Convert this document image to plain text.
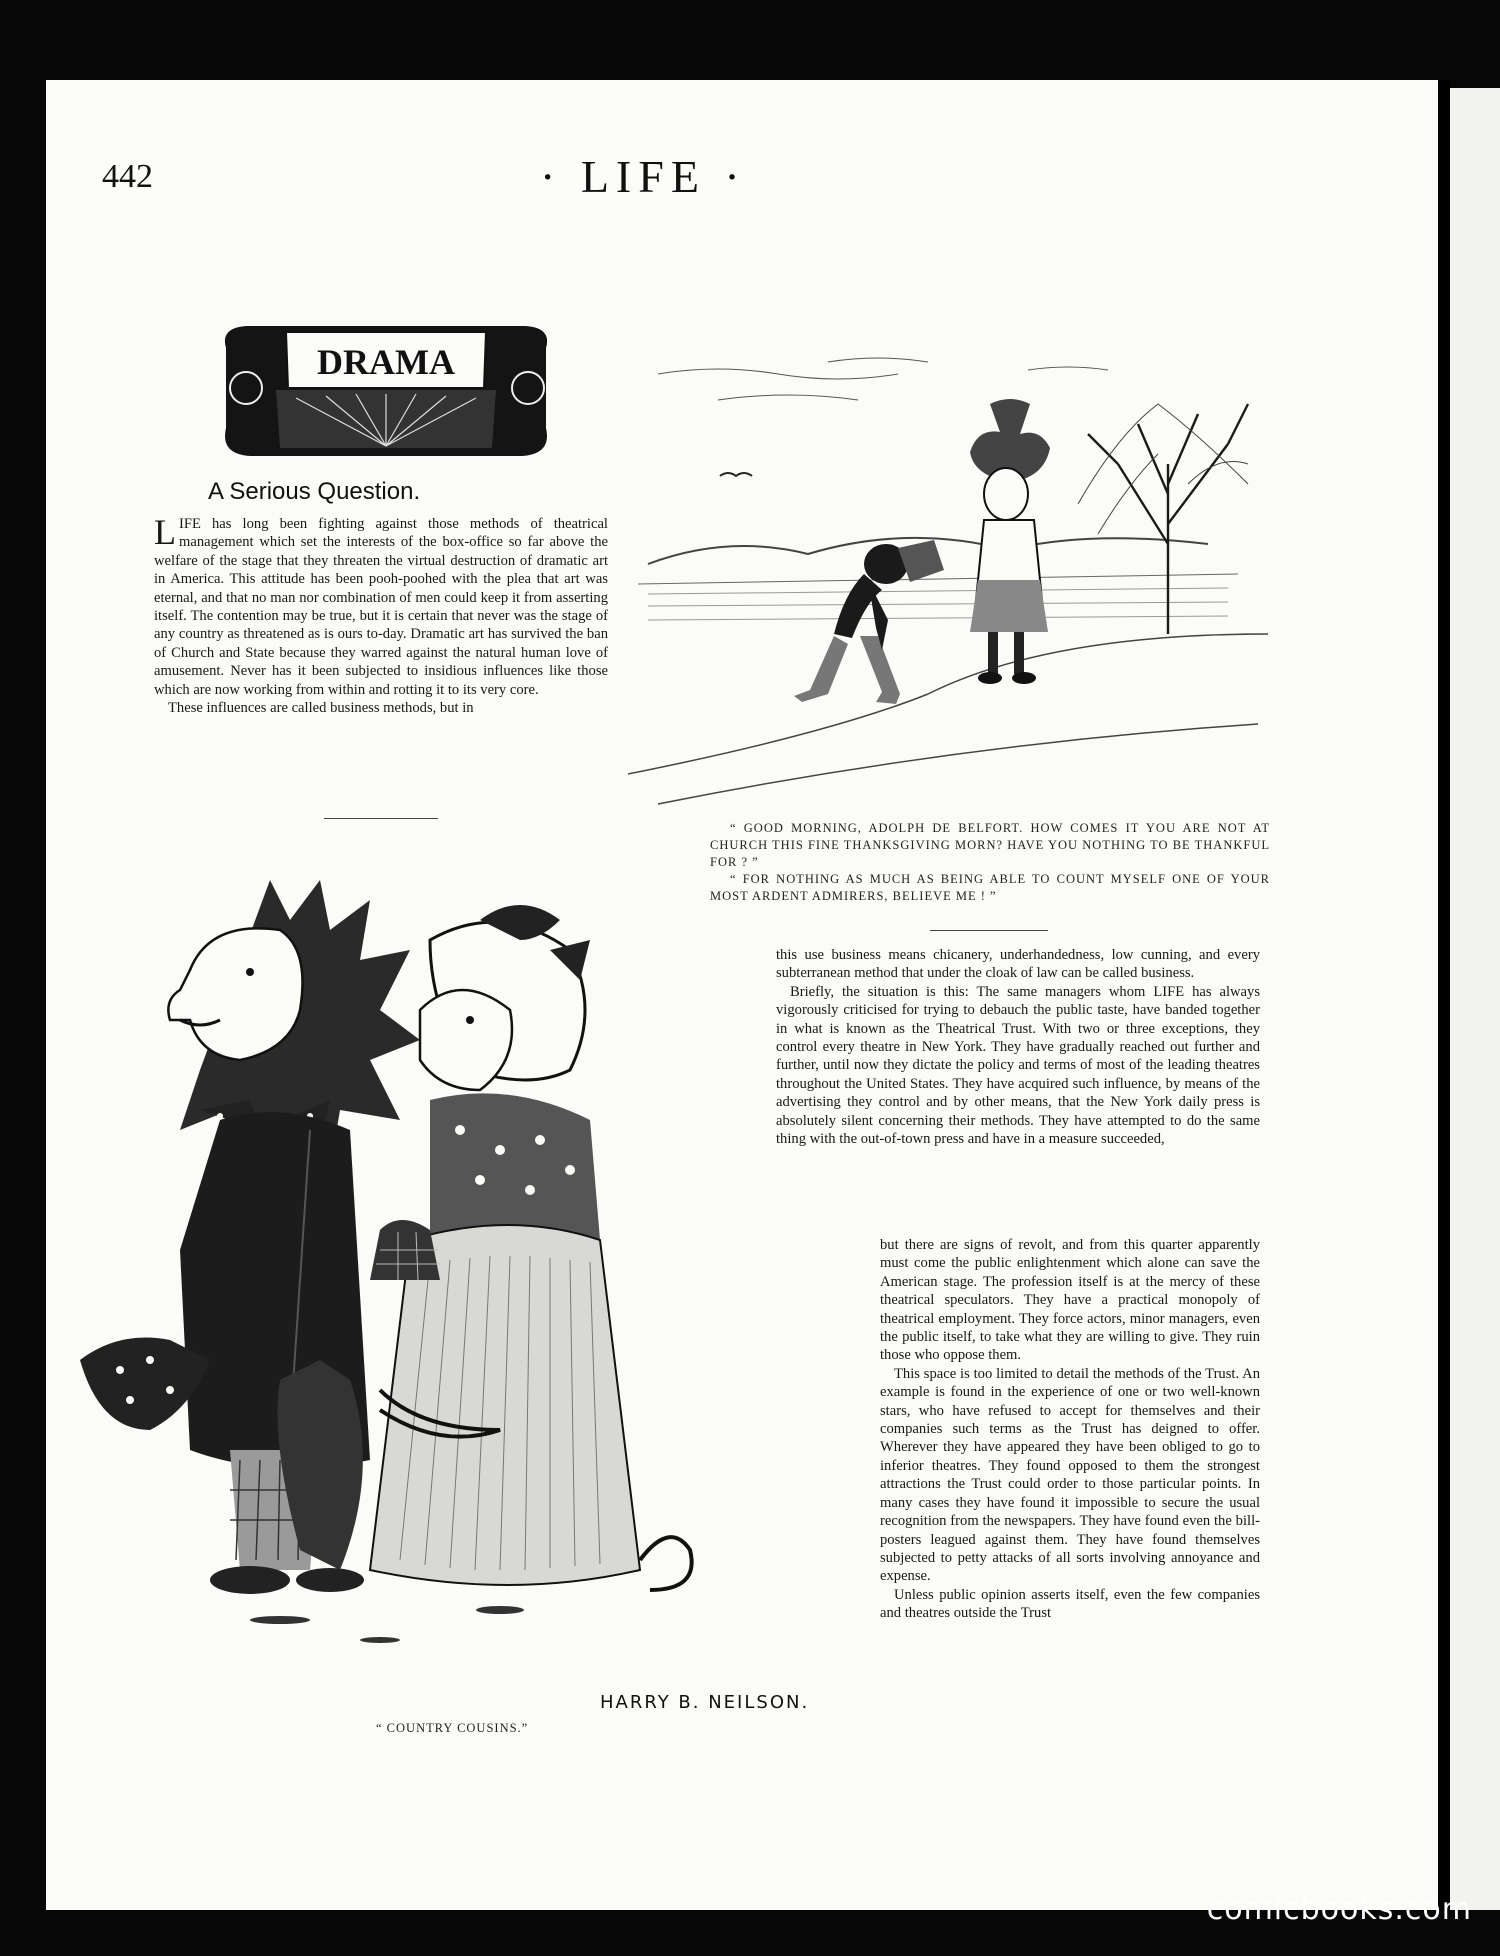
442	· LIFE ·
DRAMA
A Serious Question.

LIFE has long been fighting against those methods of theatrical management which set the interests of the box-office so far above the welfare of the stage that they threaten the virtual destruction of dramatic art in America. This attitude has been pooh-poohed with the plea that art was eternal, and that no man nor combination of men could keep it from asserting itself. The contention may be true, but it is certain that never was the stage of any country as threatened as is ours to-day. Dramatic art has survived the ban of Church and State because they warred against the natural human love of amusement. Never has it been subjected to insidious influences like those which are now working from within and rotting it to its very core.

These influences are called business methods, but in

“ GOOD MORNING, ADOLPH DE BELFORT. HOW COMES IT YOU ARE NOT AT CHURCH THIS FINE THANKSGIVING MORN? HAVE YOU NOTHING TO BE THANKFUL FOR ? ”

“ FOR NOTHING AS MUCH AS BEING ABLE TO COUNT MYSELF ONE OF YOUR MOST ARDENT ADMIRERS, BELIEVE ME ! ”

this use business means chicanery, underhandedness, low cunning, and every subterranean method that under the cloak of law can be called business.

Briefly, the situation is this: The same managers whom LIFE has always vigorously criticised for trying to debauch the public taste, have banded together in what is known as the Theatrical Trust. With two or three exceptions, they control every theatre in New York. They have gradually reached out further and further, until now they dictate the policy and terms of most of the leading theatres throughout the United States. They have acquired such influence, by means of the advertising they control and by other means, that the New York daily press is absolutely silent concerning their methods. They have attempted to do the same thing with the out-of-town press and have in a measure succeeded,

but there are signs of revolt, and from this quarter apparently must come the public enlightenment which alone can save the American stage. The profession itself is at the mercy of these theatrical speculators. They have a practical monopoly of theatrical employment. They force actors, minor managers, even the public itself, to take what they are willing to give. They ruin those who oppose them.

This space is too limited to detail the methods of the Trust. An example is found in the experience of one or two well-known stars, who have refused to accept for themselves and their companies such terms as the Trust has deigned to offer. Wherever they have appeared they have been obliged to go to inferior theatres. They found opposed to them the strongest attractions the Trust could order to those particular points. In many cases they have found it impossible to secure the usual recognition from the newspapers. They have found even the bill-posters leagued against them. They have found themselves subjected to petty attacks of all sorts involving annoyance and expense.

Unless public opinion asserts itself, even the few companies and theatres outside the Trust

HARRY B. NEILSON.
“ COUNTRY COUSINS.”
comicbooks.com
